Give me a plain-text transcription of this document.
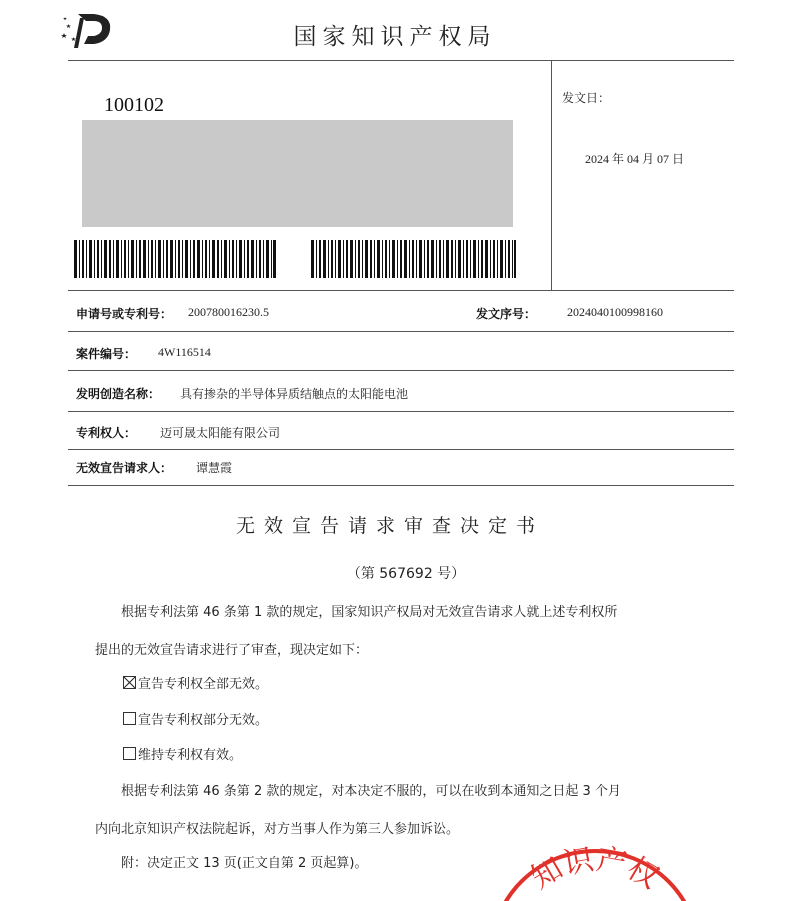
国家知识产权局
100102	发文日：
2024 年 04 月 07 日
申请号或专利号： 200780016230.5	发文序号：	2024040100998160
案件编号： 4W116514
发明创造名称： 具有掺杂的半导体异质结触点的太阳能电池
专利权人： 迈可晟太阳能有限公司
无效宣告请求人： 谭慧霞
无效宣告请求审查决定书
（第 567692 号）
根据专利法第 46 条第 1 款的规定，国家知识产权局对无效宣告请求人就上述专利权所
提出的无效宣告请求进行了审查，现决定如下：
宣告专利权全部无效。
宣告专利权部分无效。
维持专利权有效。
根据专利法第 46 条第 2 款的规定，对本决定不服的，可以在收到本通知之日起 3 个月
内向北京知识产权法院起诉，对方当事人作为第三人参加诉讼。
附：决定正文 13 页(正文自第 2 页起算)。	知识产权
